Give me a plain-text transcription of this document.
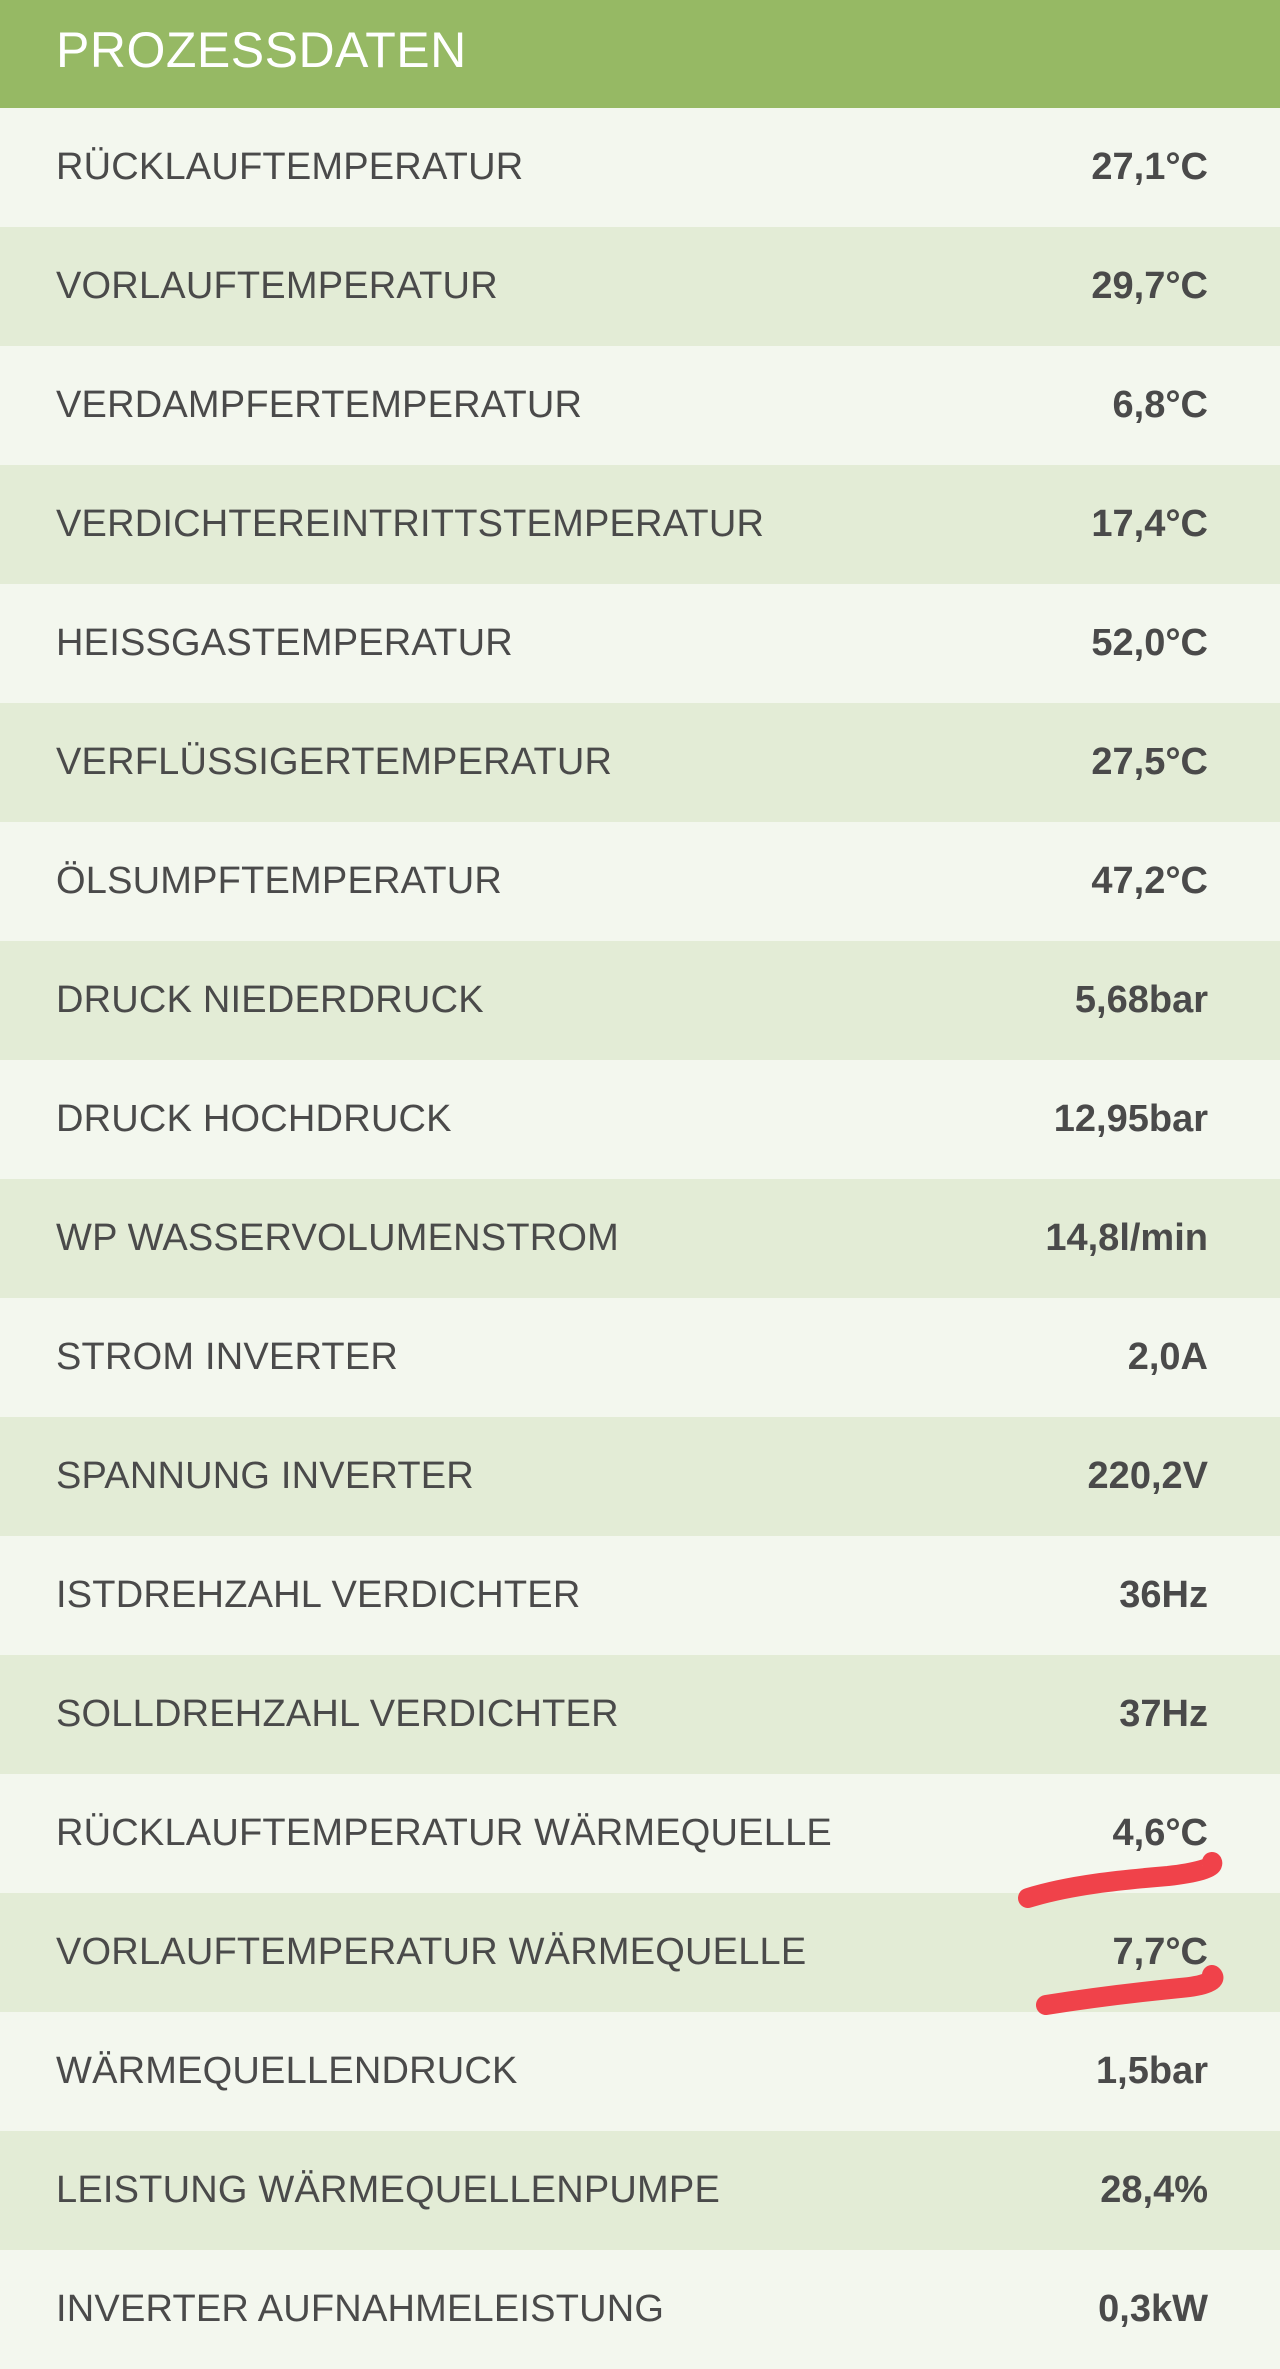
PROZESSDATEN
RÜCKLAUFTEMPERATUR	27,1°C
VORLAUFTEMPERATUR	29,7°C
VERDAMPFERTEMPERATUR	6,8°C
VERDICHTEREINTRITTSTEMPERATUR	17,4°C
HEISSGASTEMPERATUR	52,0°C
VERFLÜSSIGERTEMPERATUR	27,5°C
ÖLSUMPFTEMPERATUR	47,2°C
DRUCK NIEDERDRUCK	5,68bar
DRUCK HOCHDRUCK	12,95bar
WP WASSERVOLUMENSTROM	14,8l/min
STROM INVERTER	2,0A
SPANNUNG INVERTER	220,2V
ISTDREHZAHL VERDICHTER	36Hz
SOLLDREHZAHL VERDICHTER	37Hz
RÜCKLAUFTEMPERATUR WÄRMEQUELLE	4,6°C
VORLAUFTEMPERATUR WÄRMEQUELLE	7,7°C
WÄRMEQUELLENDRUCK	1,5bar
LEISTUNG WÄRMEQUELLENPUMPE	28,4%
INVERTER AUFNAHMELEISTUNG	0,3kW
